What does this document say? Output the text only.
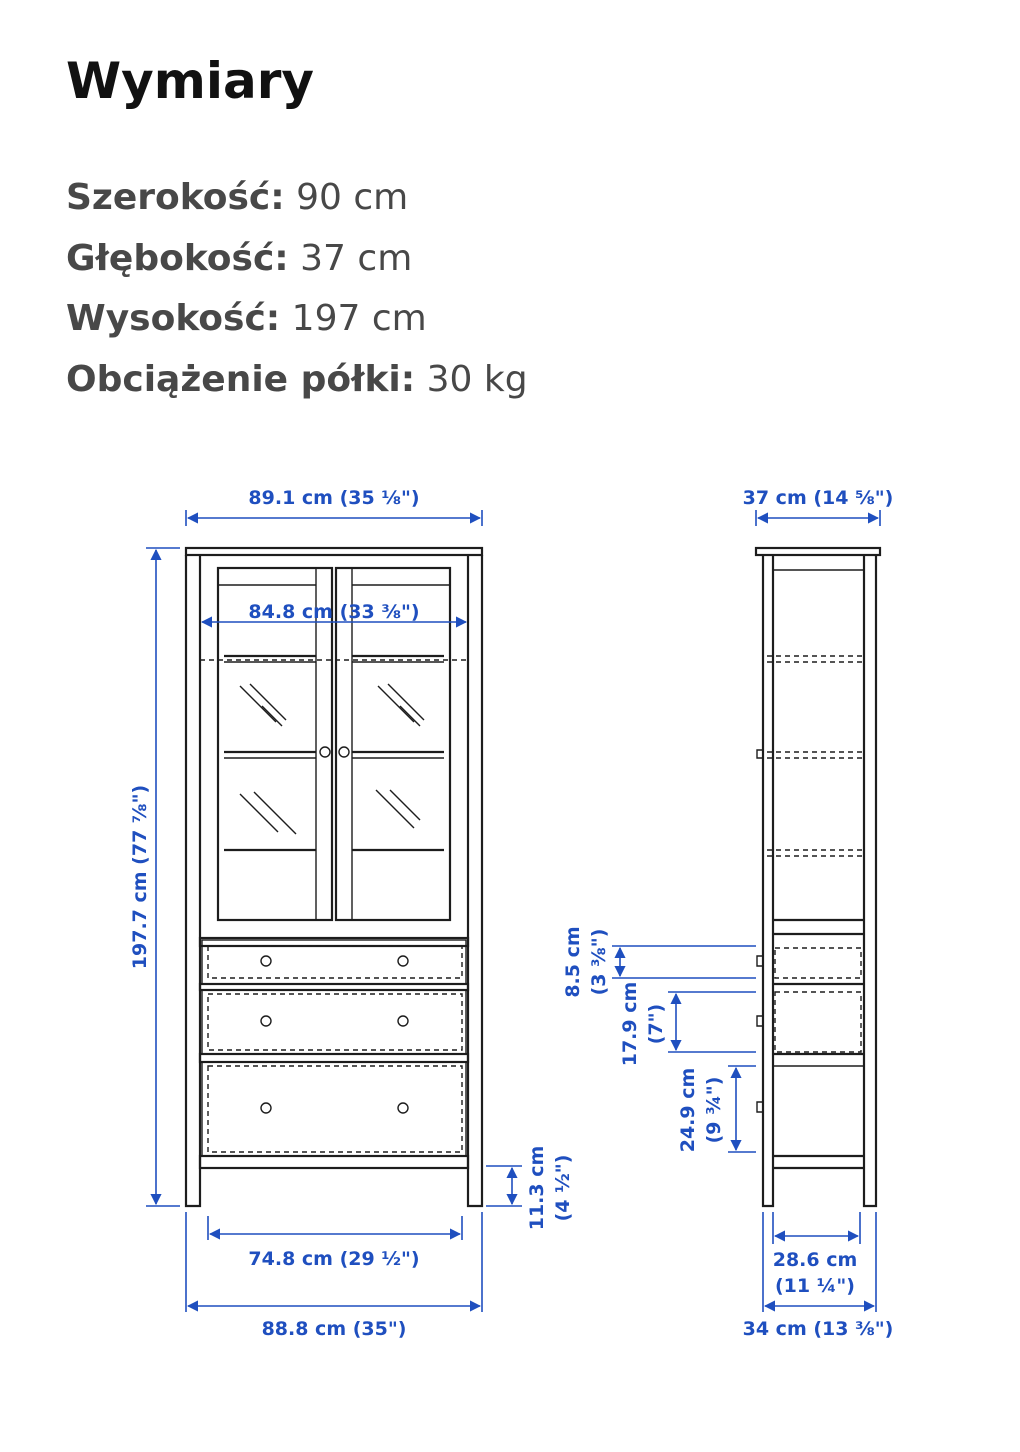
Wymiary
Szerokość: 90 cm
Głębokość: 37 cm
Wysokość: 197 cm
Obciążenie półki: 30 kg
89.1 cm (35 ⅛")
84.8 cm (33 ⅜")
197.7 cm (77 ⅞")
74.8 cm (29 ½")
88.8 cm (35")
11.3 cm (4 ½")
37 cm (14 ⅝")
8.5 cm (3 ⅜")
17.9 cm (7")
24.9 cm (9 ¾")
28.6 cm
(11 ¼")
34 cm (13 ⅜")
